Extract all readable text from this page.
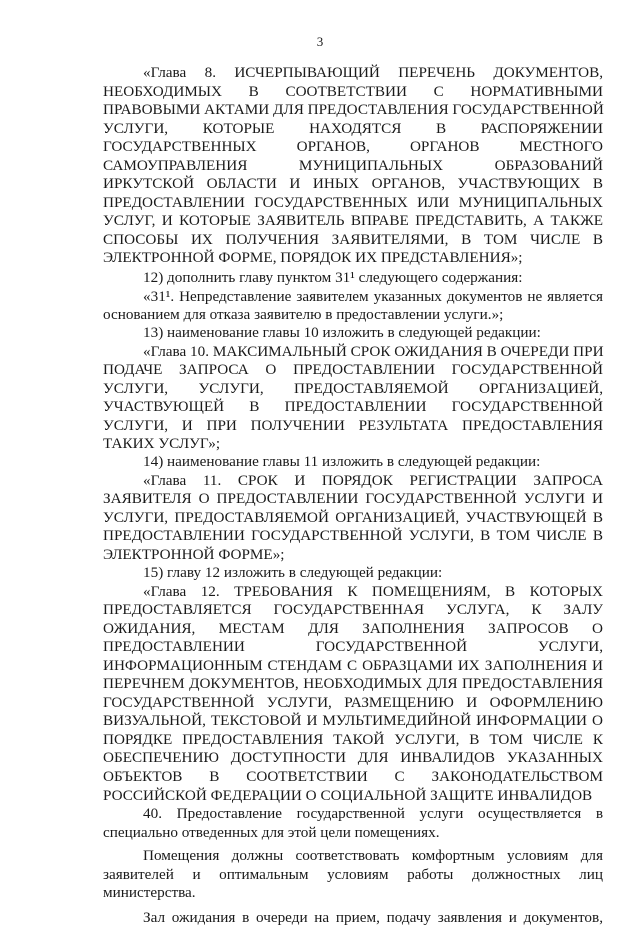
3
«Глава 8. ИСЧЕРПЫВАЮЩИЙ ПЕРЕЧЕНЬ ДОКУМЕНТОВ,
НЕОБХОДИМЫХ В СООТВЕТСТВИИ С НОРМАТИВНЫМИ
ПРАВОВЫМИ АКТАМИ ДЛЯ ПРЕДОСТАВЛЕНИЯ ГОСУДАРСТВЕННОЙ
УСЛУГИ, КОТОРЫЕ НАХОДЯТСЯ В РАСПОРЯЖЕНИИ
ГОСУДАРСТВЕННЫХ ОРГАНОВ, ОРГАНОВ МЕСТНОГО
САМОУПРАВЛЕНИЯ МУНИЦИПАЛЬНЫХ ОБРАЗОВАНИЙ
ИРКУТСКОЙ ОБЛАСТИ И ИНЫХ ОРГАНОВ, УЧАСТВУЮЩИХ В
ПРЕДОСТАВЛЕНИИ ГОСУДАРСТВЕННЫХ ИЛИ МУНИЦИПАЛЬНЫХ
УСЛУГ, И КОТОРЫЕ ЗАЯВИТЕЛЬ ВПРАВЕ ПРЕДСТАВИТЬ, А ТАКЖЕ
СПОСОБЫ ИХ ПОЛУЧЕНИЯ ЗАЯВИТЕЛЯМИ, В ТОМ ЧИСЛЕ В
ЭЛЕКТРОННОЙ ФОРМЕ, ПОРЯДОК ИХ ПРЕДСТАВЛЕНИЯ»;
12) дополнить главу пунктом 31¹ следующего содержания:
«31¹. Непредставление заявителем указанных документов не является
основанием для отказа заявителю в предоставлении услуги.»;
13) наименование главы 10 изложить в следующей редакции:
«Глава 10. МАКСИМАЛЬНЫЙ СРОК ОЖИДАНИЯ В ОЧЕРЕДИ ПРИ
ПОДАЧЕ ЗАПРОСА О ПРЕДОСТАВЛЕНИИ ГОСУДАРСТВЕННОЙ
УСЛУГИ, УСЛУГИ, ПРЕДОСТАВЛЯЕМОЙ ОРГАНИЗАЦИЕЙ,
УЧАСТВУЮЩЕЙ В ПРЕДОСТАВЛЕНИИ ГОСУДАРСТВЕННОЙ
УСЛУГИ, И ПРИ ПОЛУЧЕНИИ РЕЗУЛЬТАТА ПРЕДОСТАВЛЕНИЯ
ТАКИХ УСЛУГ»;
14) наименование главы 11 изложить в следующей редакции:
«Глава 11. СРОК И ПОРЯДОК РЕГИСТРАЦИИ ЗАПРОСА
ЗАЯВИТЕЛЯ О ПРЕДОСТАВЛЕНИИ ГОСУДАРСТВЕННОЙ УСЛУГИ И
УСЛУГИ, ПРЕДОСТАВЛЯЕМОЙ ОРГАНИЗАЦИЕЙ, УЧАСТВУЮЩЕЙ В
ПРЕДОСТАВЛЕНИИ ГОСУДАРСТВЕННОЙ УСЛУГИ, В ТОМ ЧИСЛЕ В
ЭЛЕКТРОННОЙ ФОРМЕ»;
15) главу 12 изложить в следующей редакции:
«Глава 12. ТРЕБОВАНИЯ К ПОМЕЩЕНИЯМ, В КОТОРЫХ
ПРЕДОСТАВЛЯЕТСЯ ГОСУДАРСТВЕННАЯ УСЛУГА, К ЗАЛУ
ОЖИДАНИЯ, МЕСТАМ ДЛЯ ЗАПОЛНЕНИЯ ЗАПРОСОВ О
ПРЕДОСТАВЛЕНИИ ГОСУДАРСТВЕННОЙ УСЛУГИ,
ИНФОРМАЦИОННЫМ СТЕНДАМ С ОБРАЗЦАМИ ИХ ЗАПОЛНЕНИЯ И
ПЕРЕЧНЕМ ДОКУМЕНТОВ, НЕОБХОДИМЫХ ДЛЯ ПРЕДОСТАВЛЕНИЯ
ГОСУДАРСТВЕННОЙ УСЛУГИ, РАЗМЕЩЕНИЮ И ОФОРМЛЕНИЮ
ВИЗУАЛЬНОЙ, ТЕКСТОВОЙ И МУЛЬТИМЕДИЙНОЙ ИНФОРМАЦИИ О
ПОРЯДКЕ ПРЕДОСТАВЛЕНИЯ ТАКОЙ УСЛУГИ, В ТОМ ЧИСЛЕ К
ОБЕСПЕЧЕНИЮ ДОСТУПНОСТИ ДЛЯ ИНВАЛИДОВ УКАЗАННЫХ
ОБЪЕКТОВ В СООТВЕТСТВИИ С ЗАКОНОДАТЕЛЬСТВОМ
РОССИЙСКОЙ ФЕДЕРАЦИИ О СОЦИАЛЬНОЙ ЗАЩИТЕ ИНВАЛИДОВ
40. Предоставление государственной услуги осуществляется в
специально отведенных для этой цели помещениях.
Помещения должны соответствовать комфортным условиям для
заявителей и оптимальным условиям работы должностных лиц
министерства.
Зал ожидания в очереди на прием, подачу заявления и документов,
